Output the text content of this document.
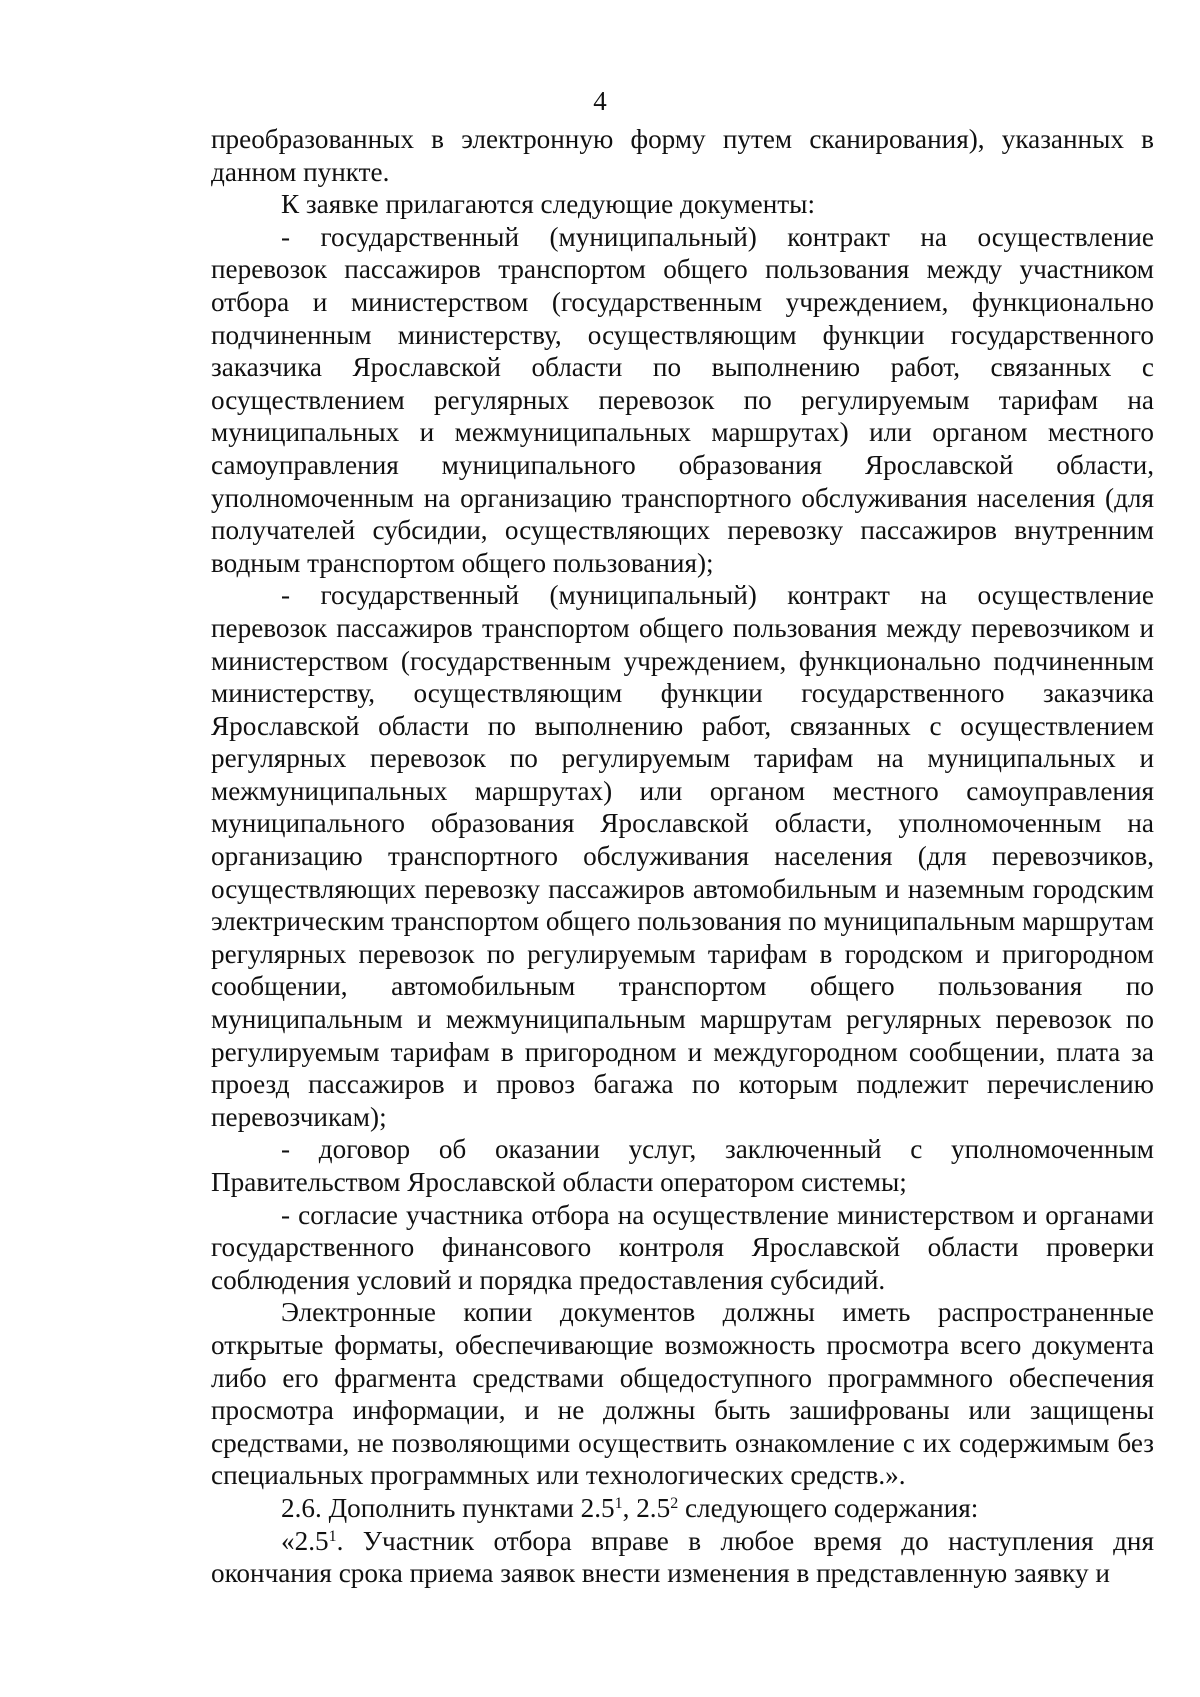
4

преобразованных в электронную форму путем сканирования), указанных в данном пункте.

К заявке прилагаются следующие документы:

- государственный (муниципальный) контракт на осуществление перевозок пассажиров транспортом общего пользования между участником отбора и министерством (государственным учреждением, функционально подчиненным министерству, осуществляющим функции государственного заказчика Ярославской области по выполнению работ, связанных с осуществлением регулярных перевозок по регулируемым тарифам на муниципальных и межмуниципальных маршрутах) или органом местного самоуправления муниципального образования Ярославской области, уполномоченным на организацию транспортного обслуживания населения (для получателей субсидии, осуществляющих перевозку пассажиров внутренним водным транспортом общего пользования);

- государственный (муниципальный) контракт на осуществление перевозок пассажиров транспортом общего пользования между перевозчиком и министерством (государственным учреждением, функционально подчиненным министерству, осуществляющим функции государственного заказчика Ярославской области по выполнению работ, связанных с осуществлением регулярных перевозок по регулируемым тарифам на муниципальных и межмуниципальных маршрутах) или органом местного самоуправления муниципального образования Ярославской области, уполномоченным на организацию транспортного обслуживания населения (для перевозчиков, осуществляющих перевозку пассажиров автомобильным и наземным городским электрическим транспортом общего пользования по муниципальным маршрутам регулярных перевозок по регулируемым тарифам в городском и пригородном сообщении, автомобильным транспортом общего пользования по муниципальным и межмуниципальным маршрутам регулярных перевозок по регулируемым тарифам в пригородном и междугородном сообщении, плата за проезд пассажиров и провоз багажа по которым подлежит перечислению перевозчикам);

- договор об оказании услуг, заключенный с уполномоченным Правительством Ярославской области оператором системы;

- согласие участника отбора на осуществление министерством и органами государственного финансового контроля Ярославской области проверки соблюдения условий и порядка предоставления субсидий.

Электронные копии документов должны иметь распространенные открытые форматы, обеспечивающие возможность просмотра всего документа либо его фрагмента средствами общедоступного программного обеспечения просмотра информации, и не должны быть зашифрованы или защищены средствами, не позволяющими осуществить ознакомление с их содержимым без специальных программных или технологических средств.».

2.6. Дополнить пунктами $2.5^1$, $2.5^2$ следующего содержания:

«$2.5^1$. Участник отбора вправе в любое время до наступления дня окончания срока приема заявок внести изменения в представленную заявку и
